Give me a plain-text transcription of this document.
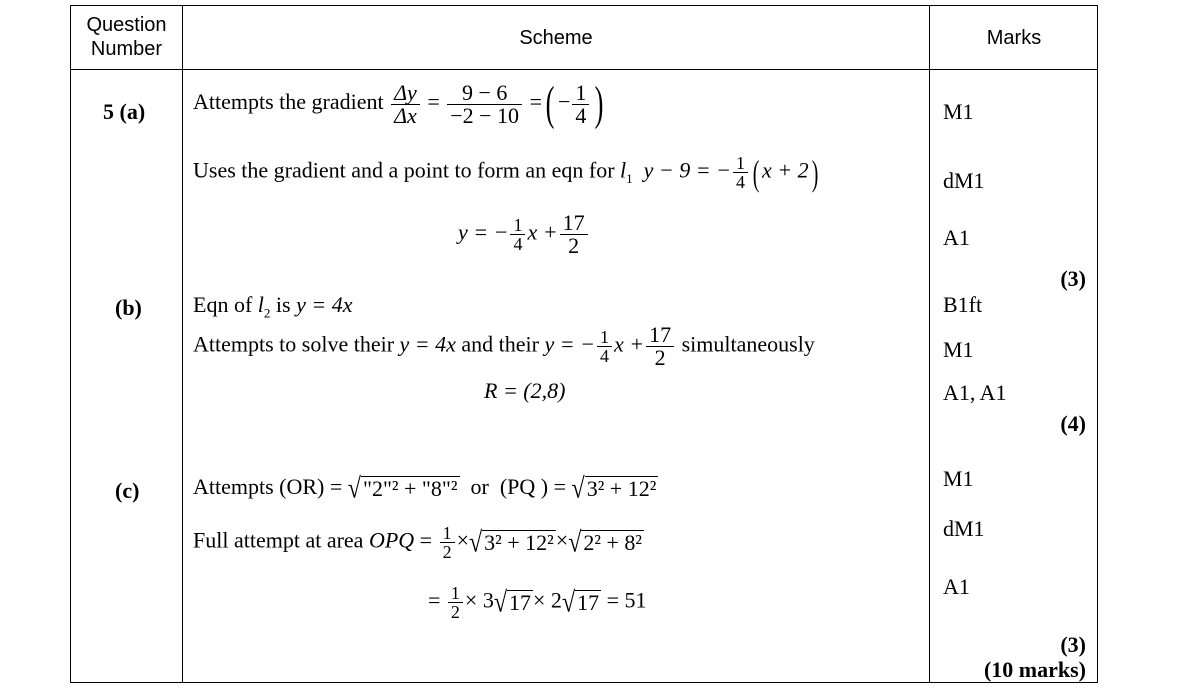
Question Number	Scheme	Marks
5 (a) Attempts the gradient $\frac{\Delta y}{\Delta x} = \frac{9 - 6}{-2 - 10}$ =( − $\frac{1}{4}$ )
Uses the gradient and a point to form an eqn for $l_1$ y − 9 = − $\frac{1}{4}$ ( x + 2)
y = − $\frac{1}{4}$ $x + \frac{17}{2}$
M1
dM1
A1
(3)
(b) Eqn of $l_2$ is y = 4x
Attempts to solve their y = 4x and their y = − $\frac{1}{4}$ $x + \frac{17}{2}$ simultaneously
R = (2,8)
B1ft
M1
A1, A1
(4)
(c) Attempts (OR) = √"2"² + "8"² or (PQ ) = √3² + 12²
Full attempt at area OPQ = $\frac{1}{2} \times√3^2 + 12^2\times√2^2 + 8^2$
= $\frac{1}{2} \times 3√17\times 2√17 = 51$
M1
dM1
A1
(3)
(10 marks)
